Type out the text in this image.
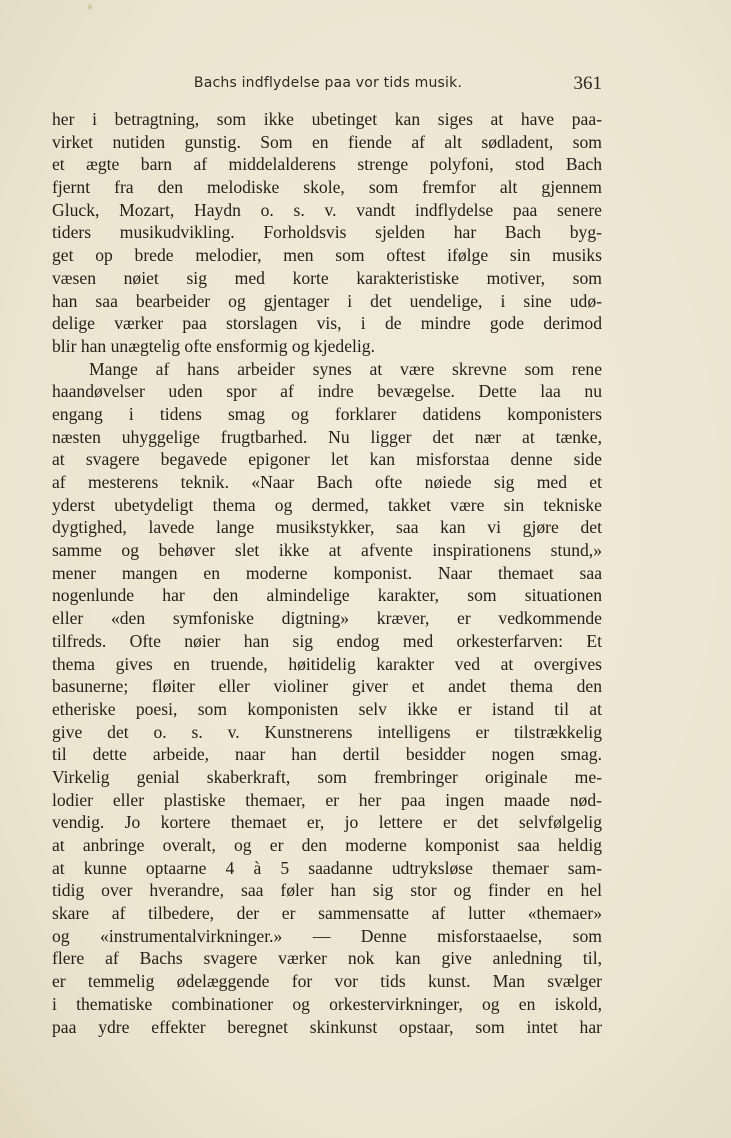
Bachs indflydelse paa vor tids musik.	361
her i betragtning, som ikke ubetinget kan siges at have paa-
virket nutiden gunstig. Som en fiende af alt sødladent, som
et ægte barn af middelalderens strenge polyfoni, stod Bach
fjernt fra den melodiske skole, som fremfor alt gjennem
Gluck, Mozart, Haydn o. s. v. vandt indflydelse paa senere
tiders musikudvikling. Forholdsvis sjelden har Bach byg-
get op brede melodier, men som oftest ifølge sin musiks
væsen nøiet sig med korte karakteristiske motiver, som
han saa bearbeider og gjentager i det uendelige, i sine udø-
delige værker paa storslagen vis, i de mindre gode derimod
blir han unægtelig ofte ensformig og kjedelig.
Mange af hans arbeider synes at være skrevne som rene
haandøvelser uden spor af indre bevægelse. Dette laa nu
engang i tidens smag og forklarer datidens komponisters
næsten uhyggelige frugtbarhed. Nu ligger det nær at tænke,
at svagere begavede epigoner let kan misforstaa denne side
af mesterens teknik. «Naar Bach ofte nøiede sig med et
yderst ubetydeligt thema og dermed, takket være sin tekniske
dygtighed, lavede lange musikstykker, saa kan vi gjøre det
samme og behøver slet ikke at afvente inspirationens stund,»
mener mangen en moderne komponist. Naar themaet saa
nogenlunde har den almindelige karakter, som situationen
eller «den symfoniske digtning» kræver, er vedkommende
tilfreds. Ofte nøier han sig endog med orkesterfarven: Et
thema gives en truende, høitidelig karakter ved at overgives
basunerne; fløiter eller violiner giver et andet thema den
etheriske poesi, som komponisten selv ikke er istand til at
give det o. s. v. Kunstnerens intelligens er tilstrækkelig
til dette arbeide, naar han dertil besidder nogen smag.
Virkelig genial skaberkraft, som frembringer originale me-
lodier eller plastiske themaer, er her paa ingen maade nød-
vendig. Jo kortere themaet er, jo lettere er det selvfølgelig
at anbringe overalt, og er den moderne komponist saa heldig
at kunne optaarne 4 à 5 saadanne udtryksløse themaer sam-
tidig over hverandre, saa føler han sig stor og finder en hel
skare af tilbedere, der er sammensatte af lutter «themaer»
og «instrumentalvirkninger.» — Denne misforstaaelse, som
flere af Bachs svagere værker nok kan give anledning til,
er temmelig ødelæggende for vor tids kunst. Man svælger
i thematiske combinationer og orkestervirkninger, og en iskold,
paa ydre effekter beregnet skinkunst opstaar, som intet har
